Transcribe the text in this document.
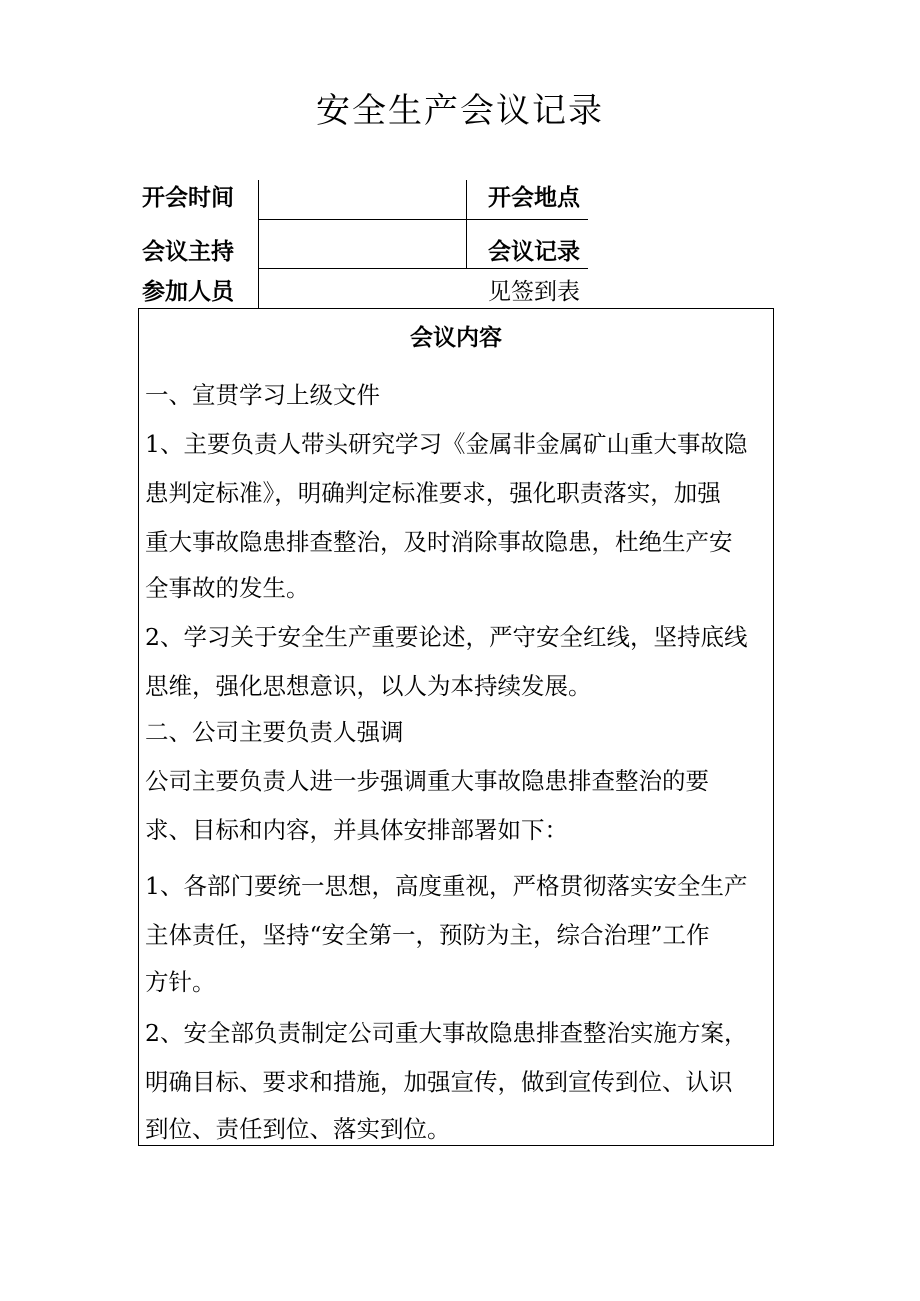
安全生产会议记录
开会时间	开会地点
会议主持	会议记录
参加人员	见签到表
会议内容
一、宣贯学习上级文件
1、主要负责人带头研究学习《金属非金属矿山重大事故隐
患判定标准》，明确判定标准要求，强化职责落实，加强
重大事故隐患排查整治，及时消除事故隐患，杜绝生产安
全事故的发生。
2、学习关于安全生产重要论述，严守安全红线，坚持底线
思维，强化思想意识，以人为本持续发展。
二、公司主要负责人强调
公司主要负责人进一步强调重大事故隐患排查整治的要
求、目标和内容，并具体安排部署如下：
1、各部门要统一思想，高度重视，严格贯彻落实安全生产
主体责任，坚持“安全第一，预防为主，综合治理”工作
方针。
2、安全部负责制定公司重大事故隐患排查整治实施方案，
明确目标、要求和措施，加强宣传，做到宣传到位、认识
到位、责任到位、落实到位。
